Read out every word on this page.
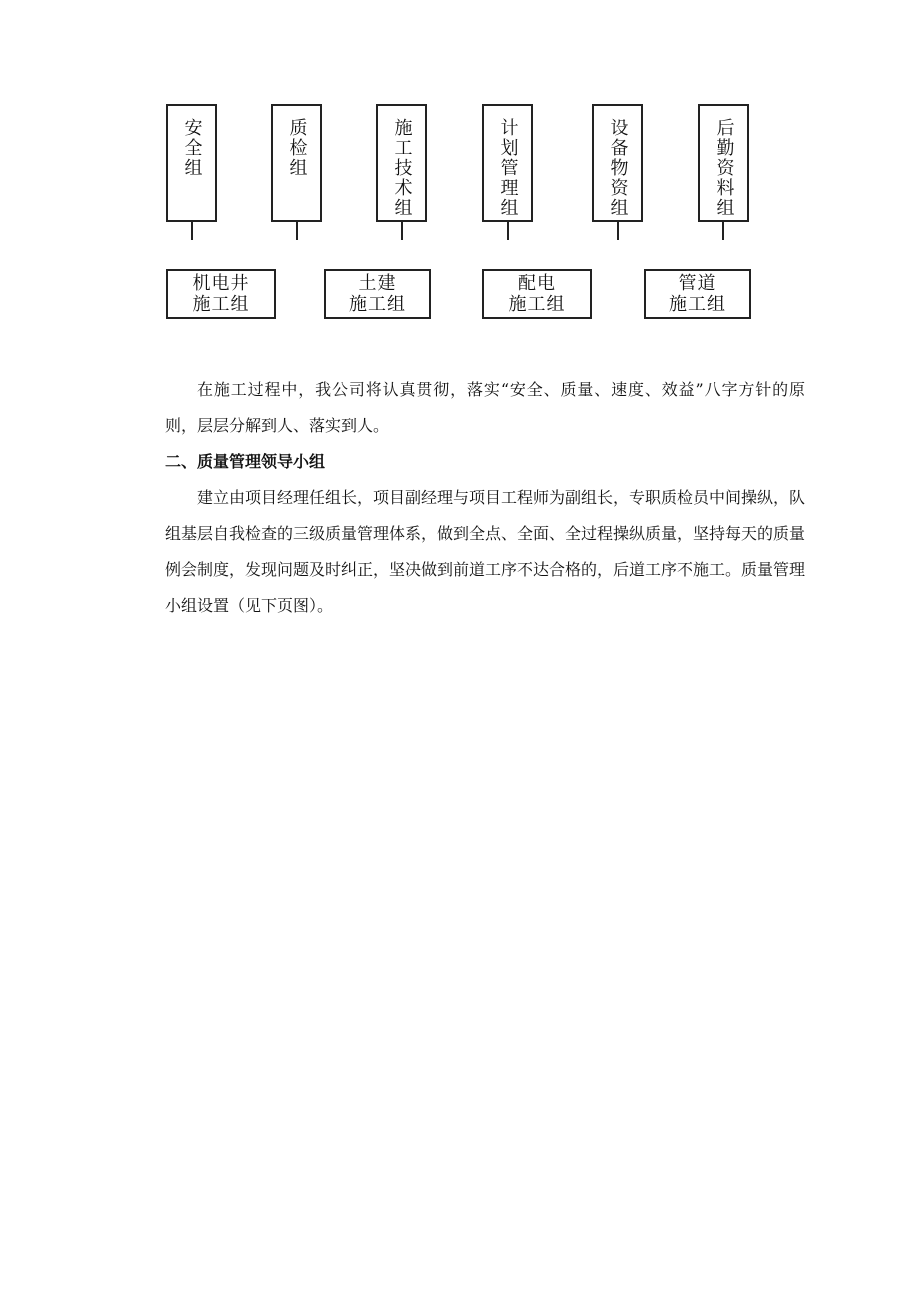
安全组	质检组	施工技术组	计划管理组	设备物资组	后勤资料组
机电井
施工组
土建
施工组
配电
施工组
管道
施工组

在施工过程中，我公司将认真贯彻，落实“安全、质量、速度、效益”八字方针的原则，层层分解到人、落实到人。

二、质量管理领导小组

建立由项目经理任组长，项目副经理与项目工程师为副组长，专职质检员中间操纵，队组基层自我检查的三级质量管理体系，做到全点、全面、全过程操纵质量，坚持每天的质量例会制度，发现问题及时纠正，坚决做到前道工序不达合格的，后道工序不施工。质量管理小组设置（见下页图）。
